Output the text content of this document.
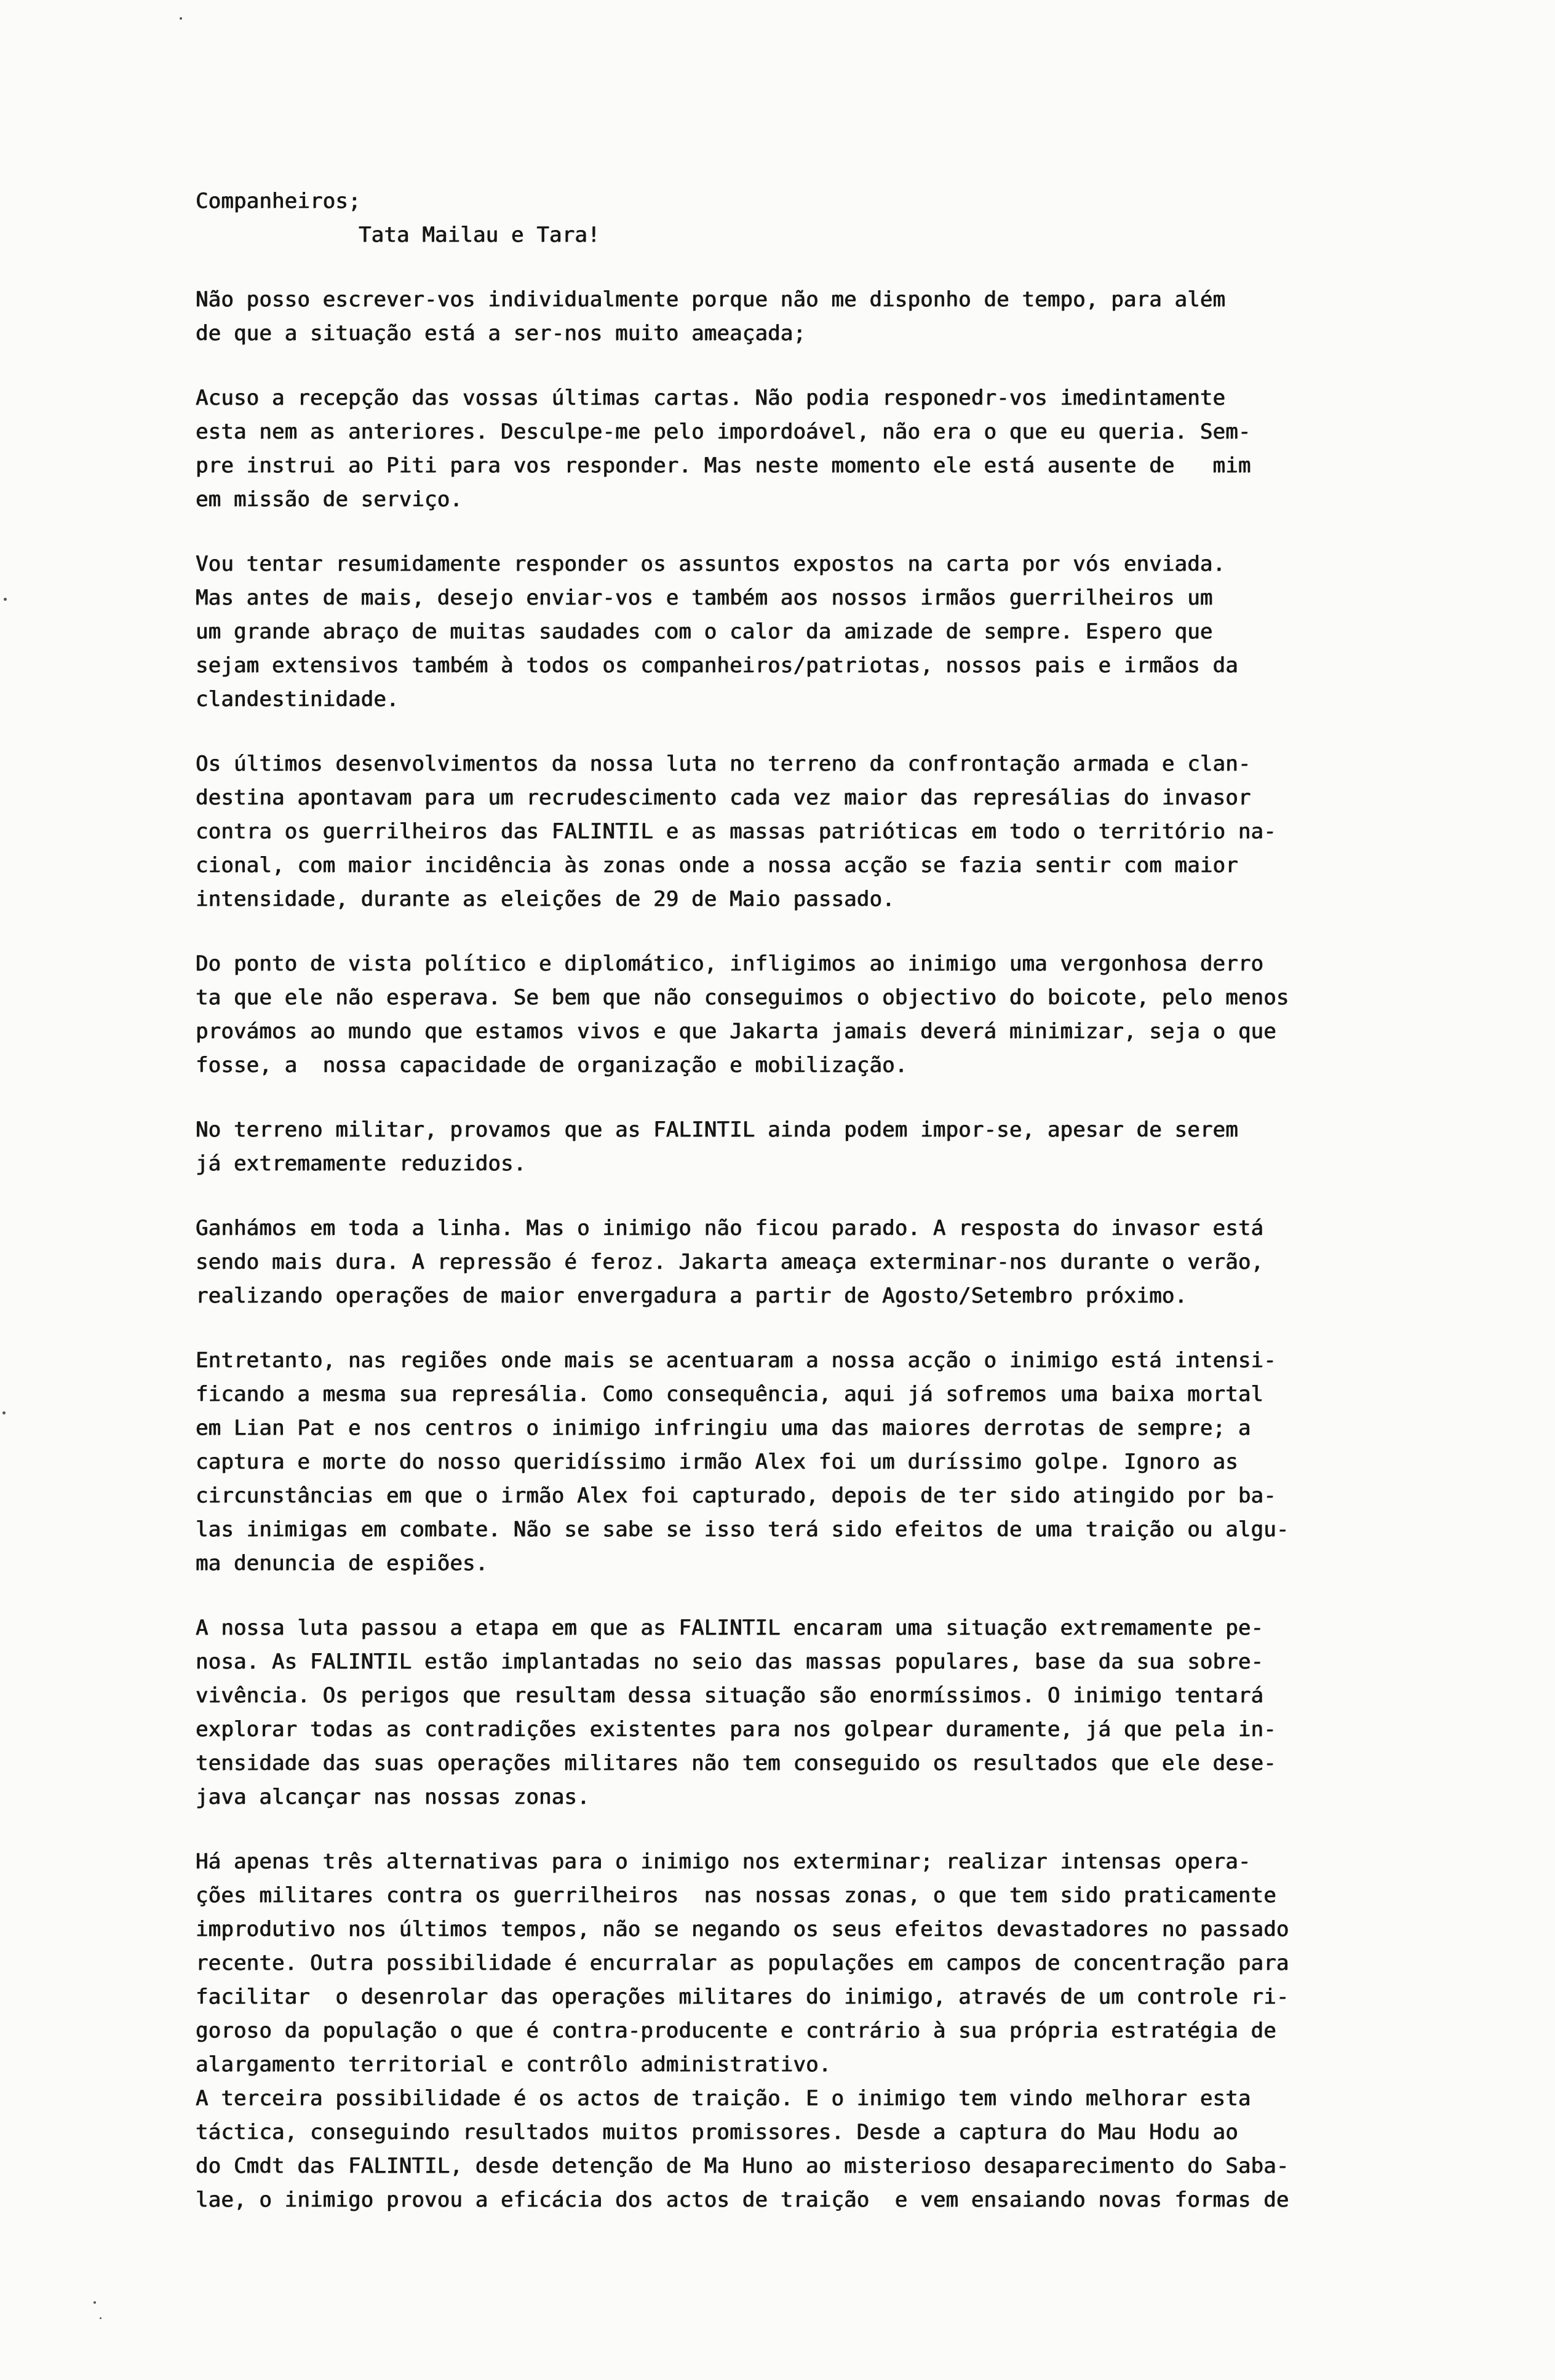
Companheiros;
Tata Mailau e Tara!
Não posso escrever-vos individualmente porque não me disponho de tempo, para além
de que a situação está a ser-nos muito ameaçada;
Acuso a recepção das vossas últimas cartas. Não podia responedr-vos imedintamente
esta nem as anteriores. Desculpe-me pelo impordoável, não era o que eu queria. Sem-
pre instrui ao Piti para vos responder. Mas neste momento ele está ausente de   mim
em missão de serviço.
Vou tentar resumidamente responder os assuntos expostos na carta por vós enviada.
Mas antes de mais, desejo enviar-vos e também aos nossos irmãos guerrilheiros um
um grande abraço de muitas saudades com o calor da amizade de sempre. Espero que
sejam extensivos também à todos os companheiros/patriotas, nossos pais e irmãos da
clandestinidade.
Os últimos desenvolvimentos da nossa luta no terreno da confrontação armada e clan-
destina apontavam para um recrudescimento cada vez maior das represálias do invasor
contra os guerrilheiros das FALINTIL e as massas patrióticas em todo o território na-
cional, com maior incidência às zonas onde a nossa acção se fazia sentir com maior
intensidade, durante as eleições de 29 de Maio passado.
Do ponto de vista político e diplomático, infligimos ao inimigo uma vergonhosa derro
ta que ele não esperava. Se bem que não conseguimos o objectivo do boicote, pelo menos
provámos ao mundo que estamos vivos e que Jakarta jamais deverá minimizar, seja o que
fosse, a  nossa capacidade de organização e mobilização.
No terreno militar, provamos que as FALINTIL ainda podem impor-se, apesar de serem
já extremamente reduzidos.
Ganhámos em toda a linha. Mas o inimigo não ficou parado. A resposta do invasor está
sendo mais dura. A repressão é feroz. Jakarta ameaça exterminar-nos durante o verão,
realizando operações de maior envergadura a partir de Agosto/Setembro próximo.
Entretanto, nas regiões onde mais se acentuaram a nossa acção o inimigo está intensi-
ficando a mesma sua represália. Como consequência, aqui já sofremos uma baixa mortal
em Lian Pat e nos centros o inimigo infringiu uma das maiores derrotas de sempre; a
captura e morte do nosso queridíssimo irmão Alex foi um duríssimo golpe. Ignoro as
circunstâncias em que o irmão Alex foi capturado, depois de ter sido atingido por ba-
las inimigas em combate. Não se sabe se isso terá sido efeitos de uma traição ou algu-
ma denuncia de espiões.
A nossa luta passou a etapa em que as FALINTIL encaram uma situação extremamente pe-
nosa. As FALINTIL estão implantadas no seio das massas populares, base da sua sobre-
vivência. Os perigos que resultam dessa situação são enormíssimos. O inimigo tentará
explorar todas as contradições existentes para nos golpear duramente, já que pela in-
tensidade das suas operações militares não tem conseguido os resultados que ele dese-
java alcançar nas nossas zonas.
Há apenas três alternativas para o inimigo nos exterminar; realizar intensas opera-
ções militares contra os guerrilheiros  nas nossas zonas, o que tem sido praticamente
improdutivo nos últimos tempos, não se negando os seus efeitos devastadores no passado
recente. Outra possibilidade é encurralar as populações em campos de concentração para
facilitar  o desenrolar das operações militares do inimigo, através de um controle ri-
goroso da população o que é contra-producente e contrário à sua própria estratégia de
alargamento territorial e contrôlo administrativo.
A terceira possibilidade é os actos de traição. E o inimigo tem vindo melhorar esta
táctica, conseguindo resultados muitos promissores. Desde a captura do Mau Hodu ao
do Cmdt das FALINTIL, desde detenção de Ma Huno ao misterioso desaparecimento do Saba-
lae, o inimigo provou a eficácia dos actos de traição  e vem ensaiando novas formas de
